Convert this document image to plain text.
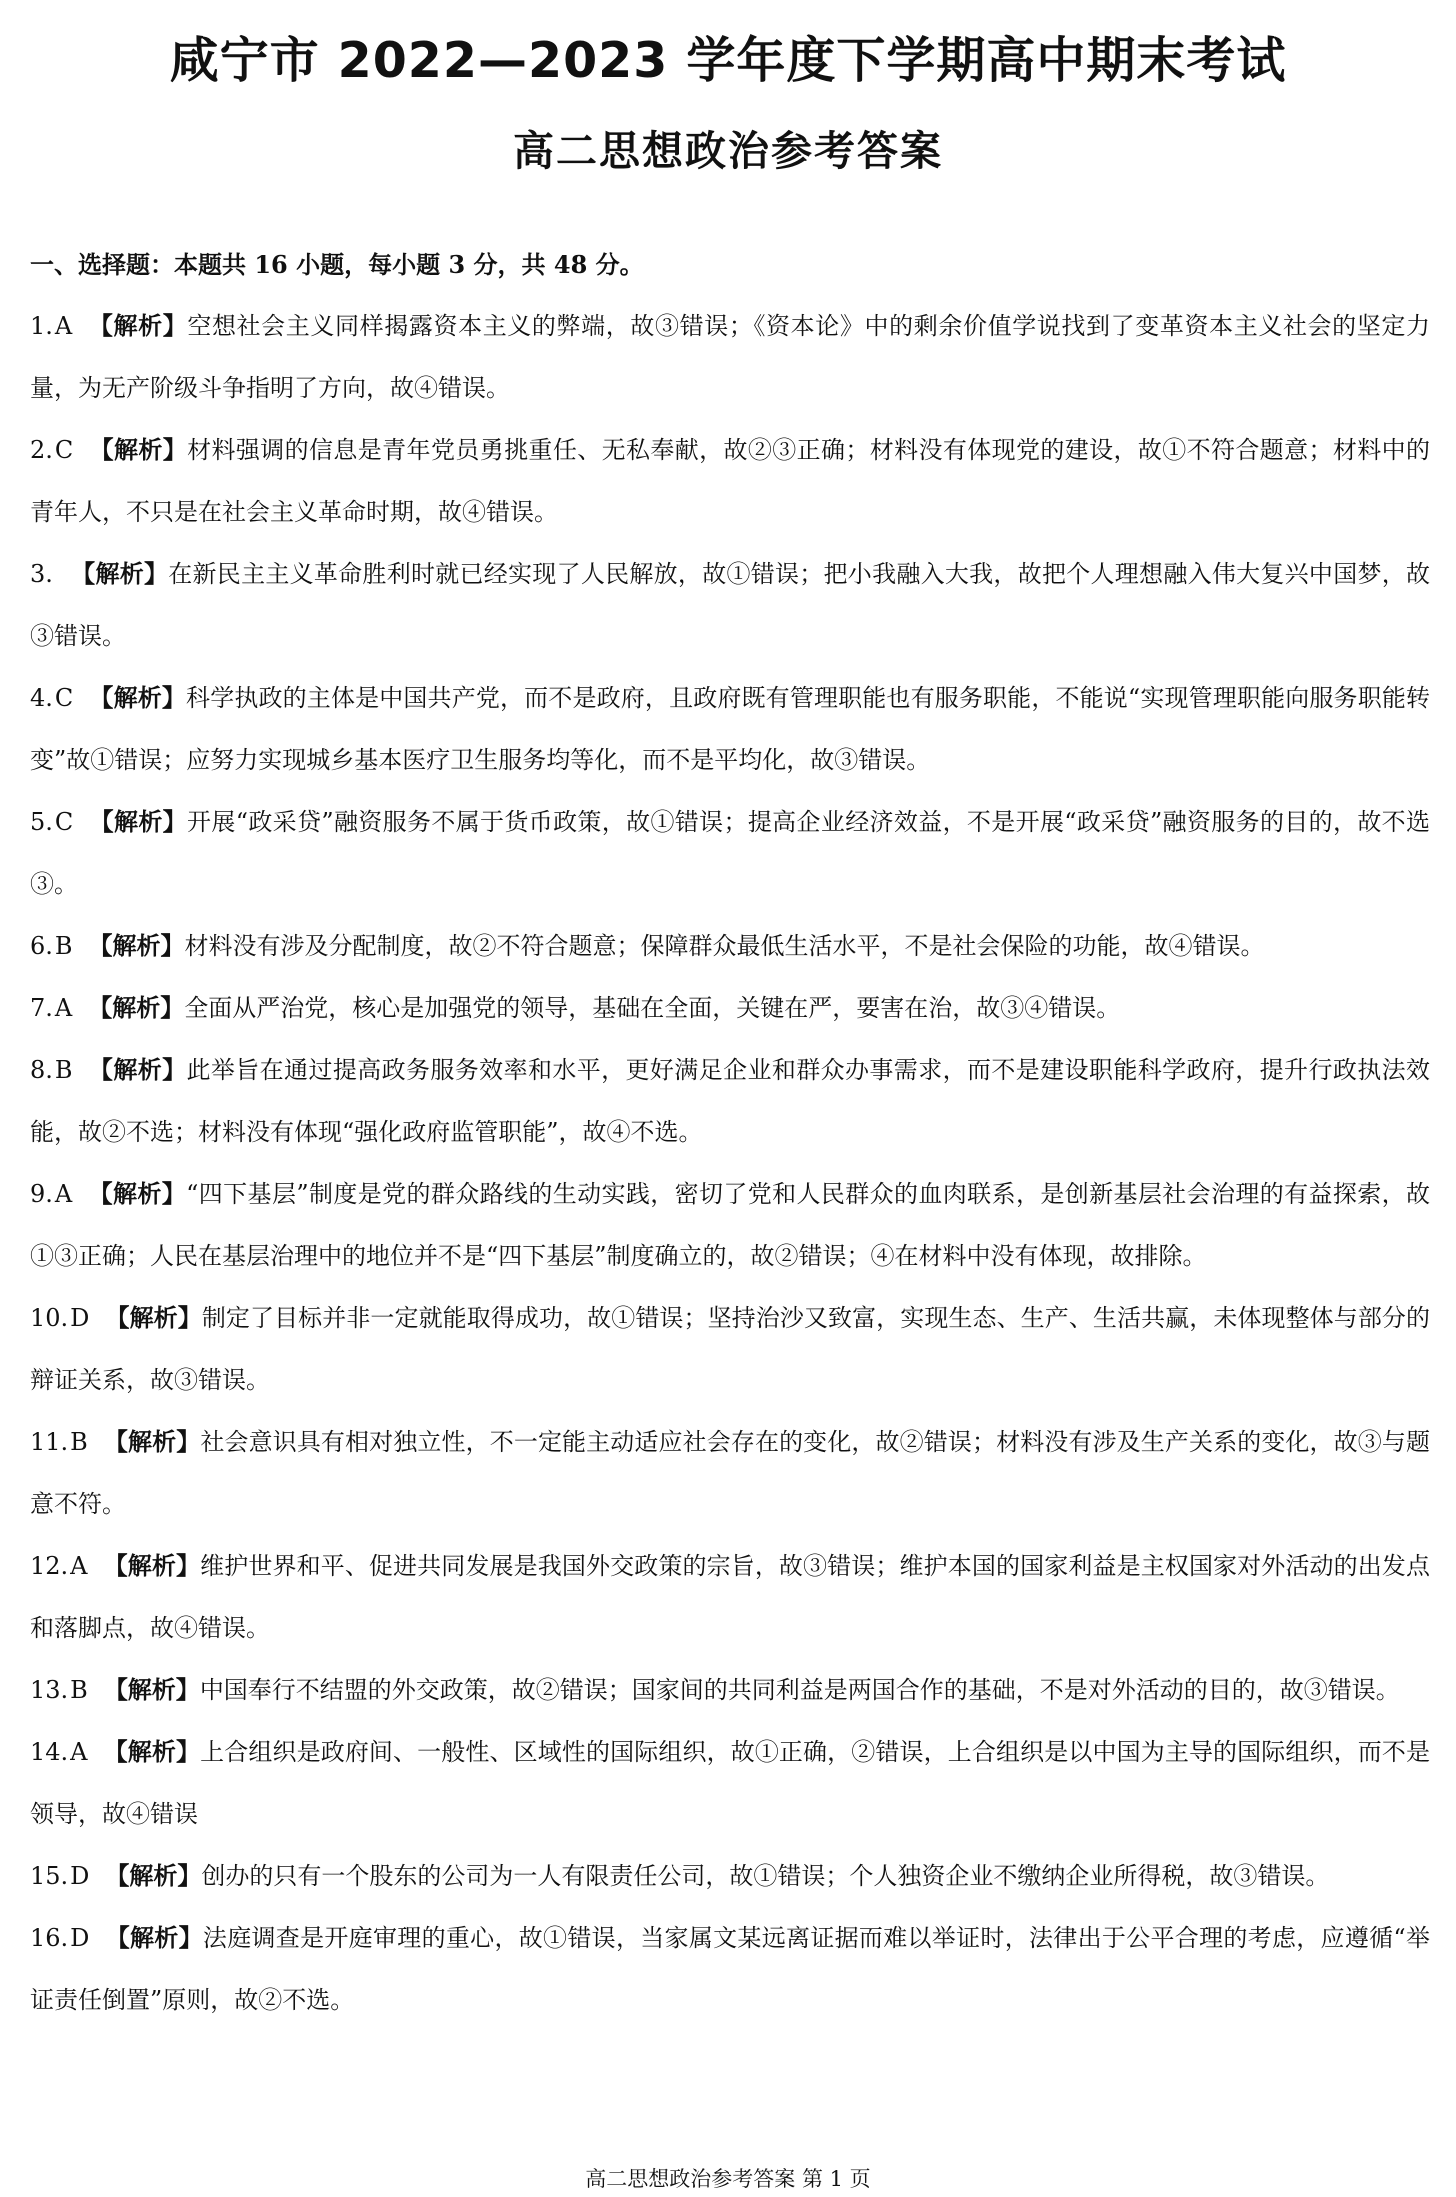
咸宁市 2022—2023 学年度下学期高中期末考试
高二思想政治参考答案
一、选择题：本题共 16 小题，每小题 3 分，共 48 分。

1.A 【解析】空想社会主义同样揭露资本主义的弊端，故③错误；《资本论》中的剩余价值学说找到了变革资本主义社会的坚定力量，为无产阶级斗争指明了方向，故④错误。

2.C 【解析】材料强调的信息是青年党员勇挑重任、无私奉献，故②③正确；材料没有体现党的建设，故①不符合题意；材料中的青年人，不只是在社会主义革命时期，故④错误。

3. 【解析】在新民主主义革命胜利时就已经实现了人民解放，故①错误；把小我融入大我，故把个人理想融入伟大复兴中国梦，故③错误。

4.C 【解析】科学执政的主体是中国共产党，而不是政府，且政府既有管理职能也有服务职能，不能说“实现管理职能向服务职能转变”故①错误；应努力实现城乡基本医疗卫生服务均等化，而不是平均化，故③错误。

5.C 【解析】开展“政采贷”融资服务不属于货币政策，故①错误；提高企业经济效益，不是开展“政采贷”融资服务的目的，故不选③。

6.B 【解析】材料没有涉及分配制度，故②不符合题意；保障群众最低生活水平，不是社会保险的功能，故④错误。

7.A 【解析】全面从严治党，核心是加强党的领导，基础在全面，关键在严，要害在治，故③④错误。

8.B 【解析】此举旨在通过提高政务服务效率和水平，更好满足企业和群众办事需求，而不是建设职能科学政府，提升行政执法效能，故②不选；材料没有体现“强化政府监管职能”，故④不选。

9.A 【解析】“四下基层”制度是党的群众路线的生动实践，密切了党和人民群众的血肉联系，是创新基层社会治理的有益探索，故①③正确；人民在基层治理中的地位并不是“四下基层”制度确立的，故②错误；④在材料中没有体现，故排除。

10.D 【解析】制定了目标并非一定就能取得成功，故①错误；坚持治沙又致富，实现生态、生产、生活共赢，未体现整体与部分的辩证关系，故③错误。

11.B 【解析】社会意识具有相对独立性，不一定能主动适应社会存在的变化，故②错误；材料没有涉及生产关系的变化，故③与题意不符。

12.A 【解析】维护世界和平、促进共同发展是我国外交政策的宗旨，故③错误；维护本国的国家利益是主权国家对外活动的出发点和落脚点，故④错误。

13.B 【解析】中国奉行不结盟的外交政策，故②错误；国家间的共同利益是两国合作的基础，不是对外活动的目的，故③错误。

14.A 【解析】上合组织是政府间、一般性、区域性的国际组织，故①正确，②错误，上合组织是以中国为主导的国际组织，而不是领导，故④错误

15.D 【解析】创办的只有一个股东的公司为一人有限责任公司，故①错误；个人独资企业不缴纳企业所得税，故③错误。

16.D 【解析】法庭调查是开庭审理的重心，故①错误，当家属文某远离证据而难以举证时，法律出于公平合理的考虑，应遵循“举证责任倒置”原则，故②不选。

高二思想政治参考答案 第 1 页
